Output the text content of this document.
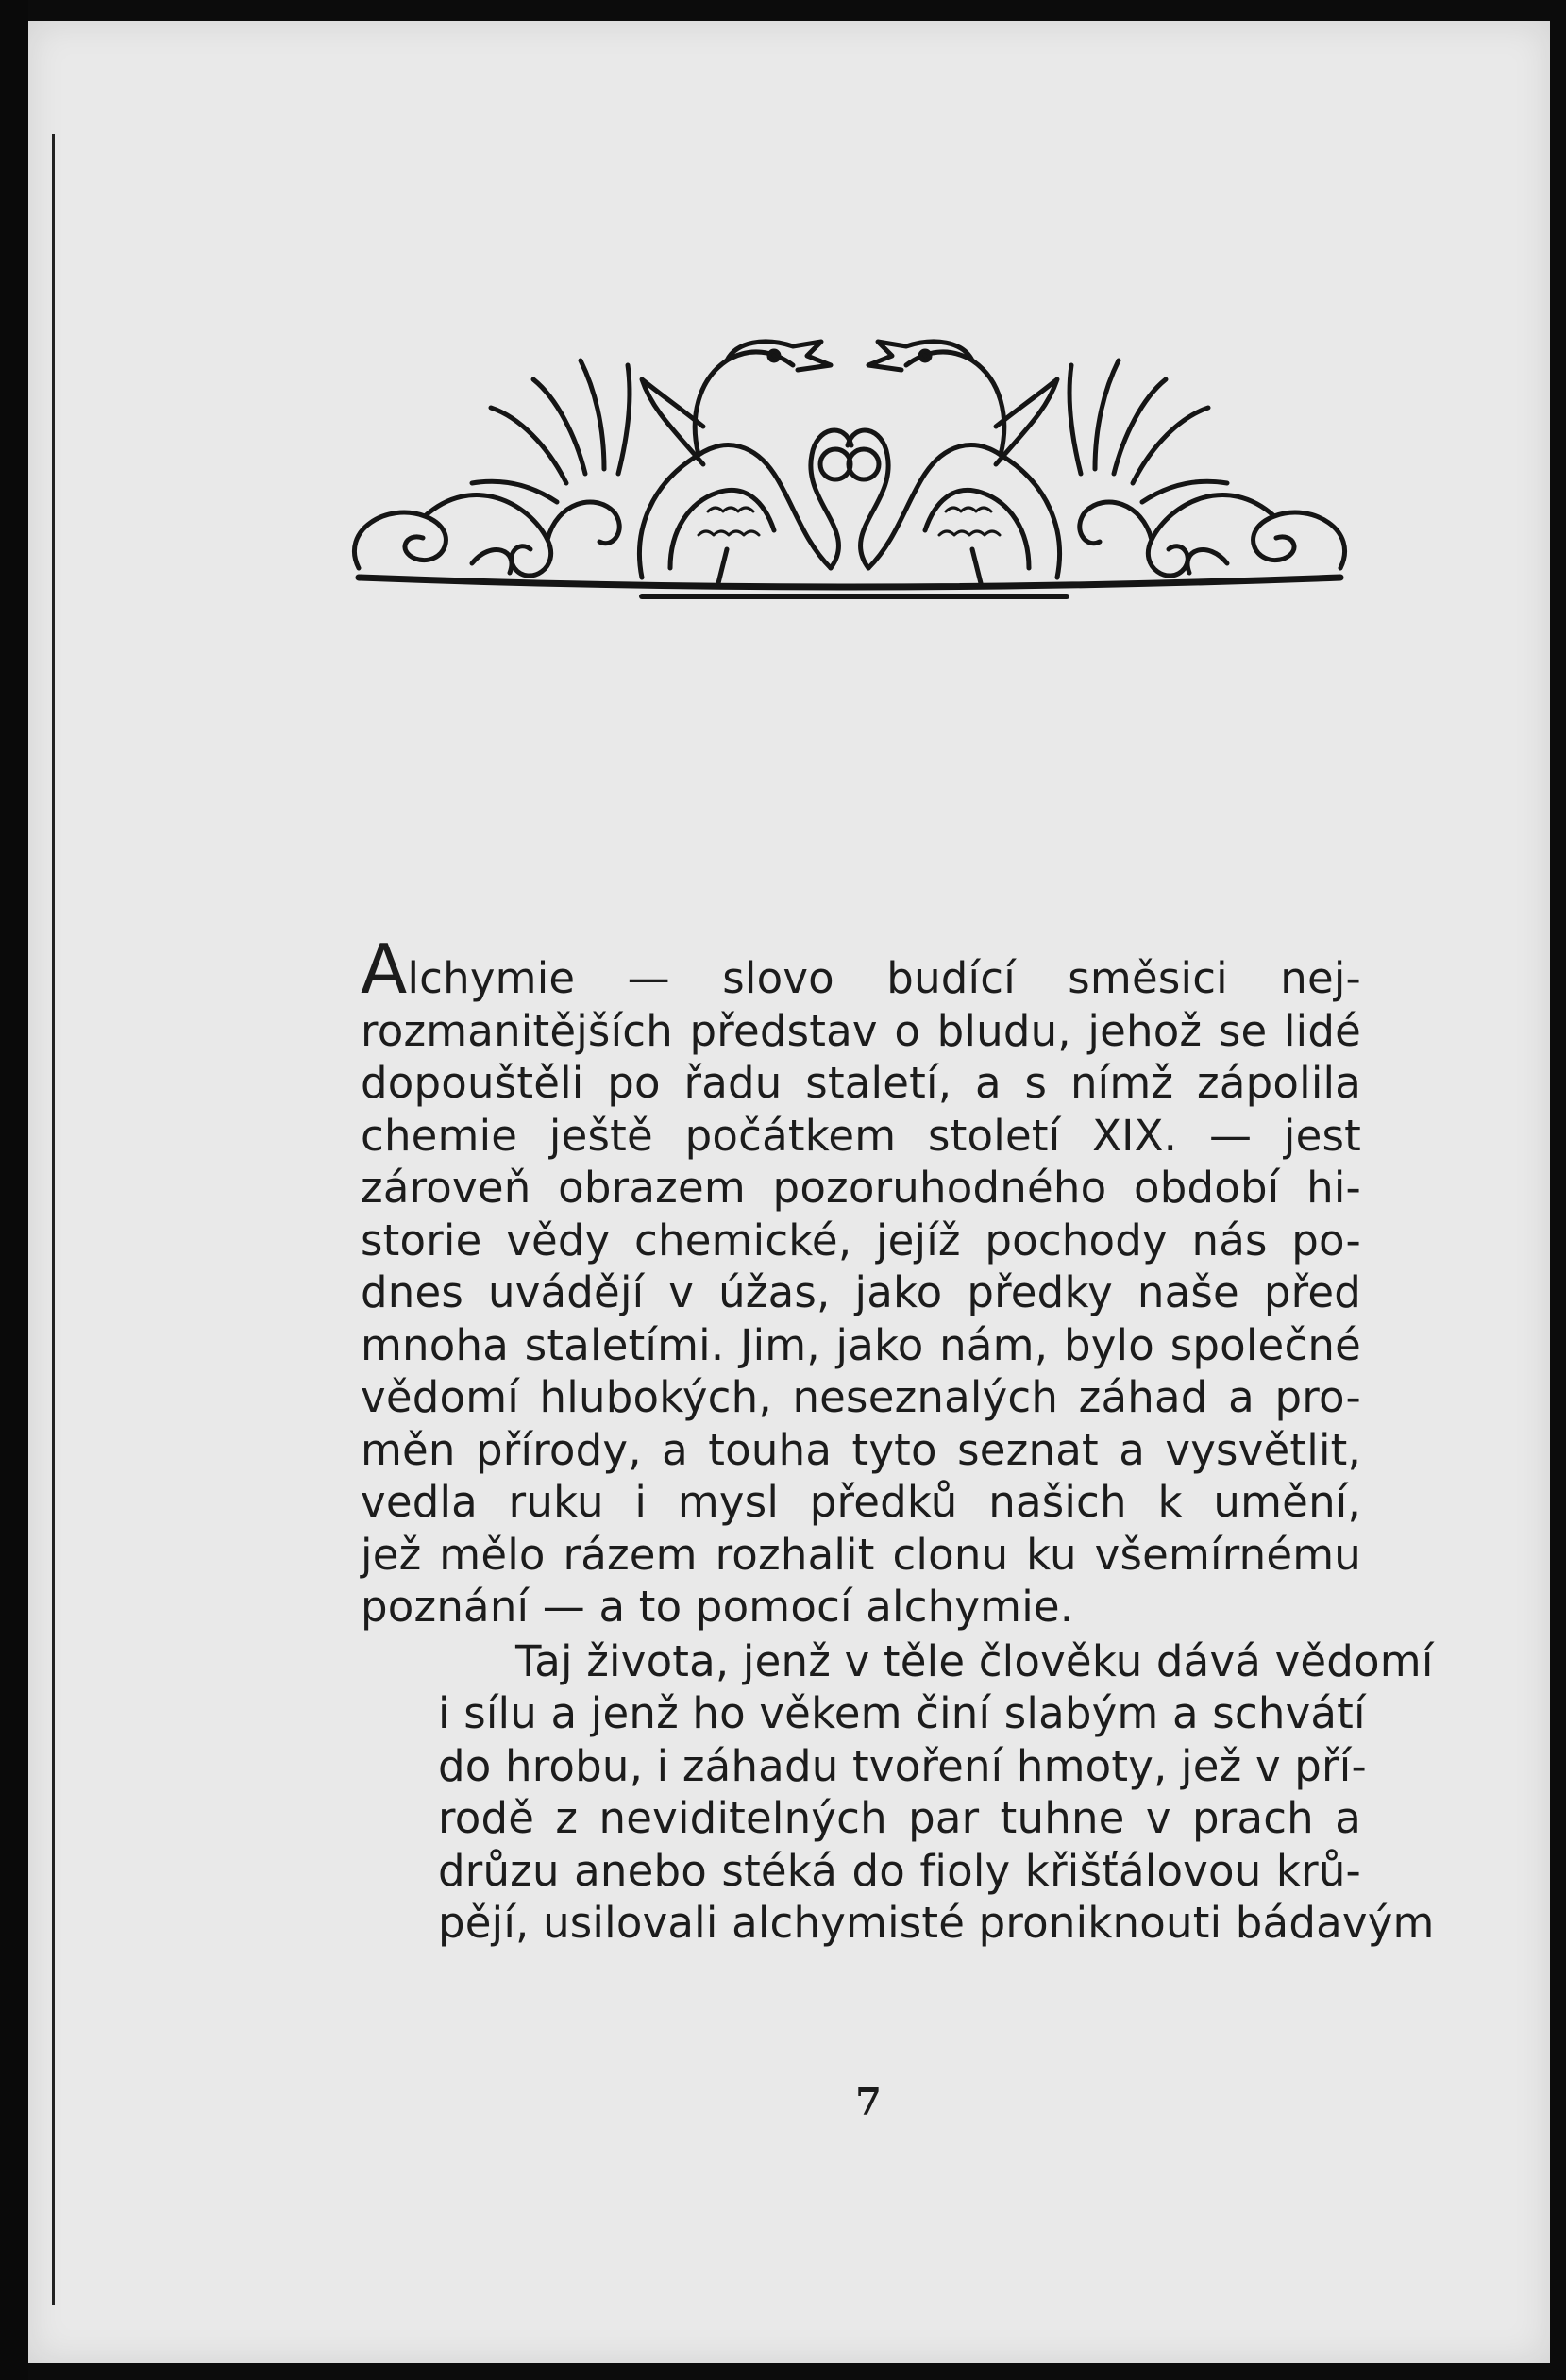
Alchymie — slovo budící směsici nej-
rozmanitějších představ o bludu, jehož se lidé
dopouštěli po řadu staletí, a s nímž zápolila
chemie ještě počátkem století XIX. — jest
zároveň obrazem pozoruhodného období hi-
storie vědy chemické, jejíž pochody nás po-
dnes uvádějí v úžas, jako předky naše před
mnoha staletími. Jim, jako nám, bylo společné
vědomí hlubokých, neseznalých záhad a pro-
měn přírody, a touha tyto seznat a vysvětlit,
vedla ruku i mysl předků našich k umění,
jež mělo rázem rozhalit clonu ku všemírnému
poznání — a to pomocí alchymie.

Taj života, jenž v těle člověku dává vědomí
i sílu a jenž ho věkem činí slabým a schvátí
do hrobu, i záhadu tvoření hmoty, jež v pří-
rodě z neviditelných par tuhne v prach a
drůzu anebo stéká do fioly křišťálovou krů-
pějí, usilovali alchymisté proniknouti bádavým

7
